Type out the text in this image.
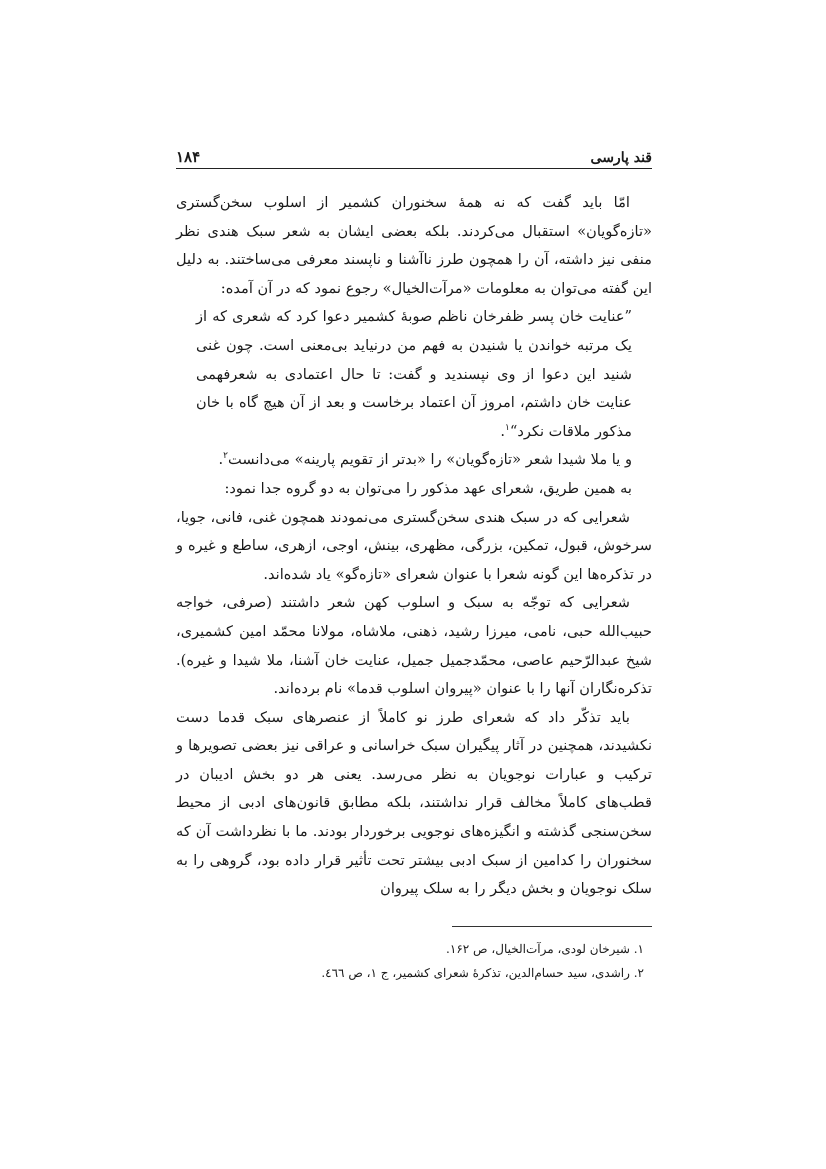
قند پارسی
۱۸۴

امّا باید گفت که نه همهٔ سخنوران کشمیر از اسلوب سخن‌گستری «تازه‌گویان» استقبال می‌کردند. بلکه بعضی ایشان به شعر سبک هندی نظر منفی نیز داشته، آن را همچون طرز ناآشنا و ناپسند معرفی می‌ساختند. به دلیل این گفته می‌توان به معلومات «مرآت‌الخیال» رجوع نمود که در آن آمده:

”عنایت خان پسر ظفرخان ناظم صوبهٔ کشمیر دعوا کرد که شعری که از یک مرتبه خواندن یا شنیدن به فهم من درنیاید بی‌معنی است. چون غنی شنید این دعوا از وی نپسندید و گفت: تا حال اعتمادی به شعرفهمی عنایت خان داشتم، امروز آن اعتماد برخاست و بعد از آن هیچ گاه با خان مذکور ملاقات نکرد“$^۱$.

و یا ملا شیدا شعر «تازه‌گویان» را «بدتر از تقویم پارینه» می‌دانست$^۲$.

به همین طریق، شعرای عهد مذکور را می‌توان به دو گروه جدا نمود:

شعرایی که در سبک هندی سخن‌گستری می‌نمودند همچون غنی، فانی، جویا، سرخوش، قبول، تمکین، بزرگی، مظهری، بینش، اوجی، ازهری، ساطع و غیره و در تذکره‌ها این گونه شعرا با عنوان شعرای «تازه‌گو» یاد شده‌اند.

شعرایی که توجّه به سبک و اسلوب کهن شعر داشتند (صرفی، خواجه حبیب‌الله حبی، نامی، میرزا رشید، ذهنی، ملاشاه، مولانا محمّد امین کشمیری، شیخ عبدالرّحیم عاصی، محمّدجمیل جمیل، عنایت خان آشنا، ملا شیدا و غیره). تذکره‌نگاران آنها را با عنوان «پیروان اسلوب قدما» نام برده‌اند.

باید تذکّر داد که شعرای طرز نو کاملاً از عنصرهای سبک قدما دست نکشیدند، همچنین در آثار پیگیران سبک خراسانی و عراقی نیز بعضی تصویرها و ترکیب و عبارات نوجویان به نظر می‌رسد. یعنی هر دو بخش ادیبان در قطب‌های کاملاً مخالف قرار نداشتند، بلکه مطابق قانون‌های ادبی از محیط سخن‌سنجی گذشته و انگیزه‌های نوجویی برخوردار بودند. ما با نظرداشت آن که سخنوران را کدامین از سبک ادبی بیشتر تحت تأثیر قرار داده بود، گروهی را به سلک نوجویان و بخش دیگر را به سلک پیروان

۱. شیرخان لودی، مرآت‌الخیال، ص ۱۶۲.
۲. راشدی، سید حسام‌الدین، تذکرهٔ شعرای کشمیر، ج ۱، ص ٤٦٦.
